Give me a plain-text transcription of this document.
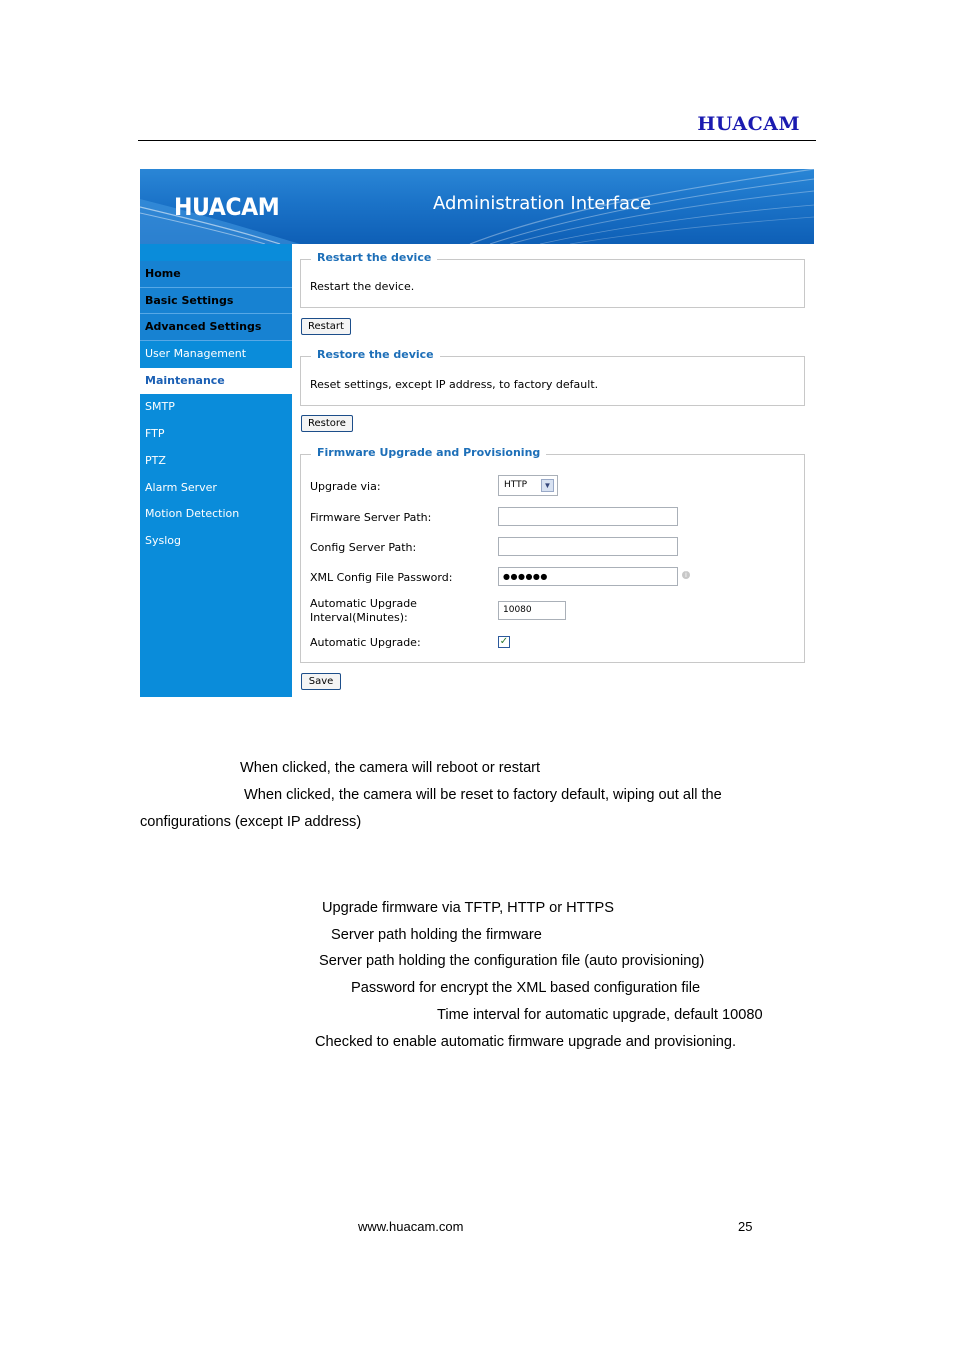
HUACAM
HUACAM	Administration Interface
Home
Basic Settings
Advanced Settings
User Management
Maintenance
SMTP
FTP
PTZ
Alarm Server
Motion Detection
Syslog
Restart the device
Restart the device.
Restart
Restore the device
Reset settings, except IP address, to factory default.
Restore
Firmware Upgrade and Provisioning
Upgrade via:	HTTP	▼
Firmware Server Path:
Config Server Path:
XML Config File Password:	●●●●●●	i
Automatic Upgrade
Interval(Minutes):
10080
Automatic Upgrade:	✓
Save
When clicked, the camera will reboot or restart
When clicked, the camera will be reset to factory default, wiping out all the
configurations (except IP address)
Upgrade firmware via TFTP, HTTP or HTTPS
Server path holding the firmware
Server path holding the configuration file (auto provisioning)
Password for encrypt the XML based configuration file
Time interval for automatic upgrade, default 10080
Checked to enable automatic firmware upgrade and provisioning.
www.huacam.com	25
